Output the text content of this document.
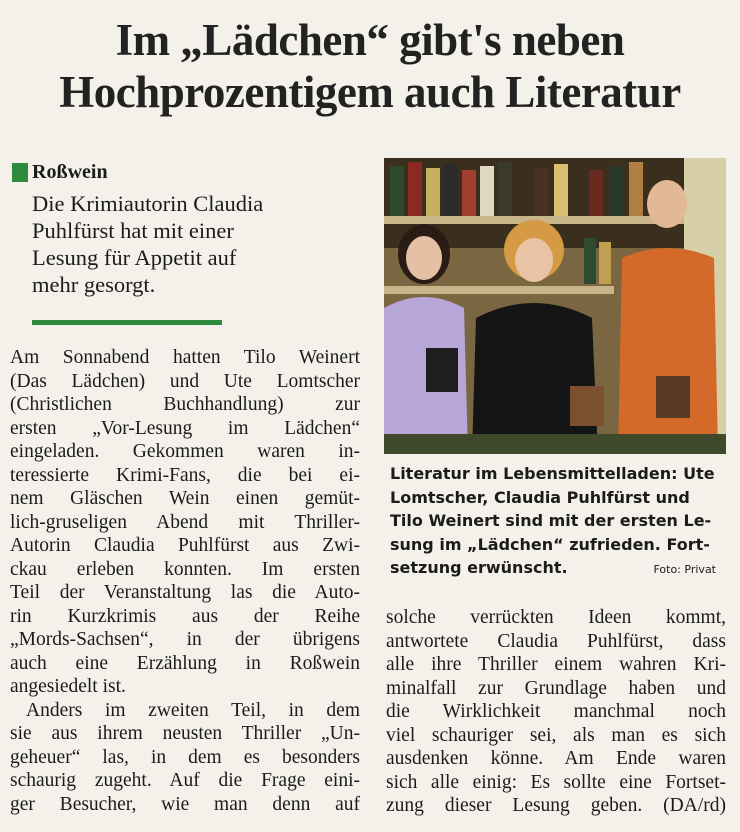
Im „Lädchen“ gibt's neben
Hochprozentigem auch Literatur
Roßwein
Die Krimiautorin Claudia
Puhlfürst hat mit einer
Lesung für Appetit auf
mehr gesorgt.
Am Sonnabend hatten Tilo Weinert
(Das Lädchen) und Ute Lomtscher
(Christlichen Buchhandlung) zur
ersten „Vor-Lesung im Lädchen“
eingeladen. Gekommen waren in-
teressierte Krimi-Fans, die bei ei-
nem Gläschen Wein einen gemüt-
lich-gruseligen Abend mit Thriller-
Autorin Claudia Puhlfürst aus Zwi-
ckau erleben konnten. Im ersten
Teil der Veranstaltung las die Auto-
rin Kurzkrimis aus der Reihe
„Mords-Sachsen“, in der übrigens
auch eine Erzählung in Roßwein
angesiedelt ist.
Anders im zweiten Teil, in dem
sie aus ihrem neusten Thriller „Un-
geheuer“ las, in dem es besonders
schaurig zugeht. Auf die Frage eini-
ger Besucher, wie man denn auf
Literatur im Lebensmittelladen: Ute
Lomtscher, Claudia Puhlfürst und
Tilo Weinert sind mit der ersten Le-
sung im „Lädchen“ zufrieden. Fort-
setzung erwünscht.	Foto: Privat
solche verrückten Ideen kommt,
antwortete Claudia Puhlfürst, dass
alle ihre Thriller einem wahren Kri-
minalfall zur Grundlage haben und
die Wirklichkeit manchmal noch
viel schauriger sei, als man es sich
ausdenken könne. Am Ende waren
sich alle einig: Es sollte eine Fortset-
zung dieser Lesung geben. (DA/rd)
